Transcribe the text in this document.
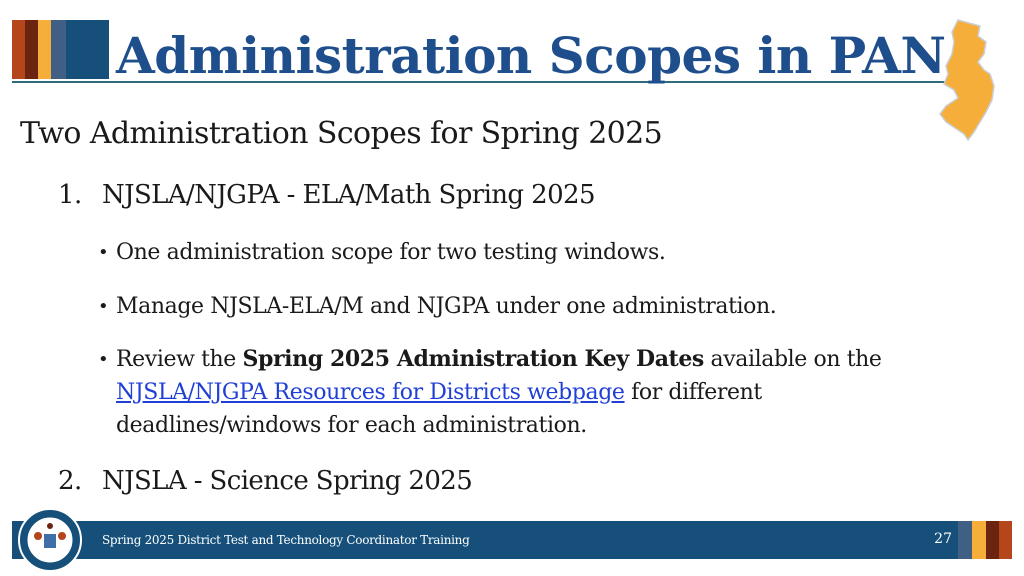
Administration Scopes in PAN
Two Administration Scopes for Spring 2025
1. NJSLA/NJGPA - ELA/Math Spring 2025
• One administration scope for two testing windows.
• Manage NJSLA-ELA/M and NJGPA under one administration.
• Review the Spring 2025 Administration Key Dates available on the NJSLA/NJGPA Resources for Districts webpage for different deadlines/windows for each administration.
2. NJSLA - Science Spring 2025
Spring 2025 District Test and Technology Coordinator Training	27
